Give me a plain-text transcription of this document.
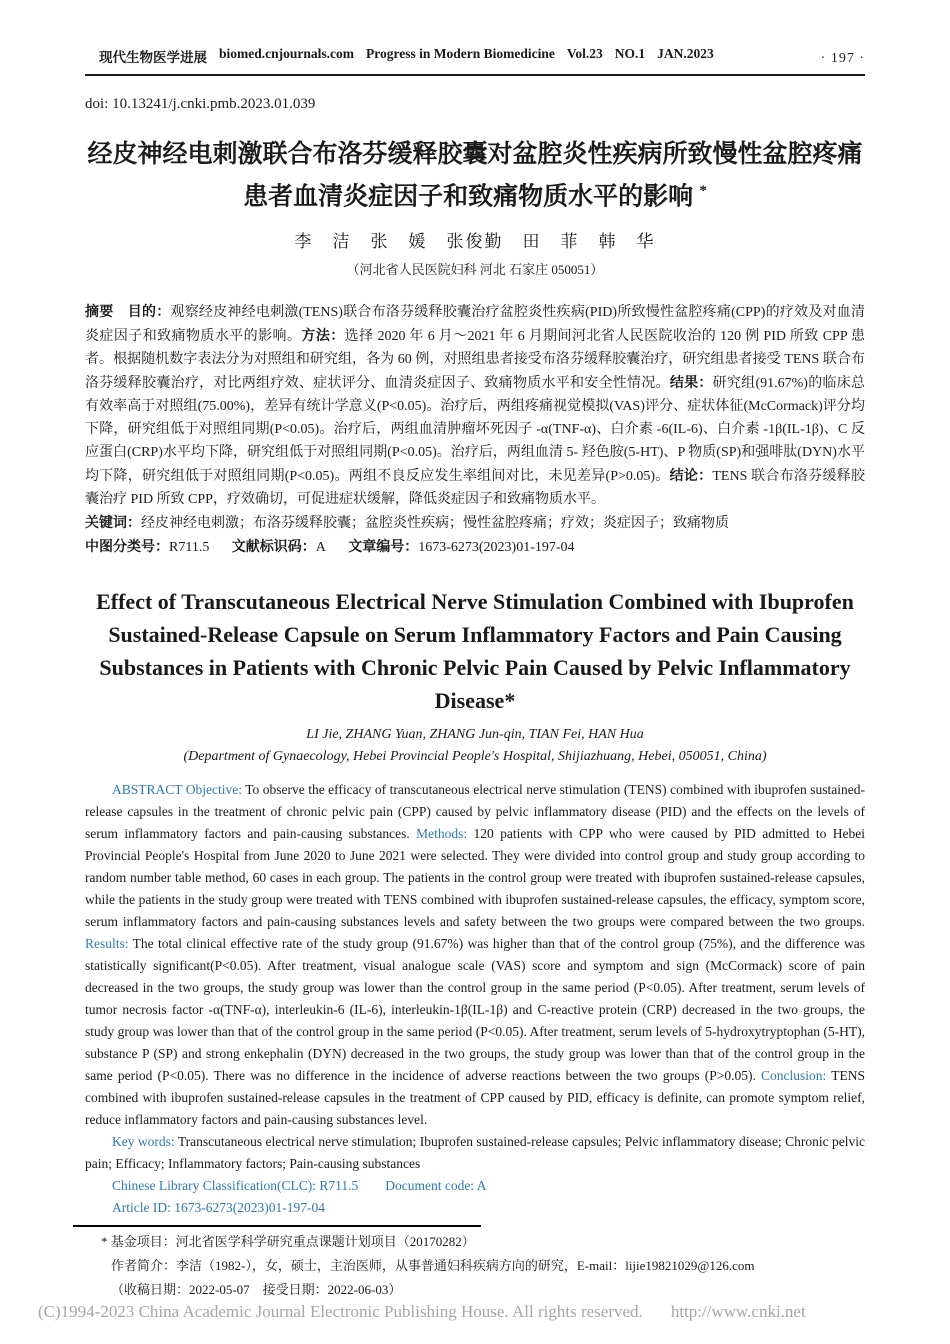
现代生物医学进展 biomed.cnjournals.com Progress in Modern Biomedicine Vol.23 NO.1 JAN.2023	· 197 ·
doi: 10.13241/j.cnki.pmb.2023.01.039
经皮神经电刺激联合布洛芬缓释胶囊对盆腔炎性疾病所致慢性盆腔疼痛
患者血清炎症因子和致痛物质水平的影响 *
李　洁　张　媛　张俊勤　田　菲　韩　华
（河北省人民医院妇科 河北 石家庄 050051）

摘要　 目的：观察经皮神经电刺激(TENS)联合布洛芬缓释胶囊治疗盆腔炎性疾病(PID)所致慢性盆腔疼痛(CPP)的疗效及对血清炎症因子和致痛物质水平的影响。方法：选择 2020 年 6 月～2021 年 6 月期间河北省人民医院收治的 120 例 PID 所致 CPP 患者。根据随机数字表法分为对照组和研究组，各为 60 例，对照组患者接受布洛芬缓释胶囊治疗，研究组患者接受 TENS 联合布洛芬缓释胶囊治疗，对比两组疗效、症状评分、血清炎症因子、致痛物质水平和安全性情况。结果：研究组(91.67%)的临床总有效率高于对照组(75.00%)，差异有统计学意义(P<0.05)。治疗后，两组疼痛视觉模拟(VAS)评分、症状体征(McCormack)评分均下降，研究组低于对照组同期(P<0.05)。治疗后，两组血清肿瘤坏死因子 -α(TNF-α)、白介素 -6(IL-6)、白介素 -1β(IL-1β)、C 反应蛋白(CRP)水平均下降，研究组低于对照组同期(P<0.05)。治疗后，两组血清 5- 羟色胺(5-HT)、P 物质(SP)和强啡肽(DYN)水平均下降，研究组低于对照组同期(P<0.05)。两组不良反应发生率组间对比，未见差异(P>0.05)。结论：TENS 联合布洛芬缓释胶囊治疗 PID 所致 CPP，疗效确切，可促进症状缓解，降低炎症因子和致痛物质水平。

关键词：经皮神经电刺激；布洛芬缓释胶囊；盆腔炎性疾病；慢性盆腔疼痛；疗效；炎症因子；致痛物质

中图分类号：R711.5 文献标识码：A 文章编号：1673-6273(2023)01-197-04

Effect of Transcutaneous Electrical Nerve Stimulation Combined with Ibuprofen Sustained-Release Capsule on Serum Inflammatory Factors and Pain Causing Substances in Patients with Chronic Pelvic Pain Caused by Pelvic Inflammatory Disease*
LI Jie, ZHANG Yuan, ZHANG Jun-qin, TIAN Fei, HAN Hua
(Department of Gynaecology, Hebei Provincial People's Hospital, Shijiazhuang, Hebei, 050051, China)

ABSTRACT Objective: To observe the efficacy of transcutaneous electrical nerve stimulation (TENS) combined with ibuprofen sustained-release capsules in the treatment of chronic pelvic pain (CPP) caused by pelvic inflammatory disease (PID) and the effects on the levels of serum inflammatory factors and pain-causing substances. Methods: 120 patients with CPP who were caused by PID admitted to Hebei Provincial People's Hospital from June 2020 to June 2021 were selected. They were divided into control group and study group according to random number table method, 60 cases in each group. The patients in the control group were treated with ibuprofen sustained-release capsules, while the patients in the study group were treated with TENS combined with ibuprofen sustained-release capsules, the efficacy, symptom score, serum inflammatory factors and pain-causing substances levels and safety between the two groups were compared between the two groups. Results: The total clinical effective rate of the study group (91.67%) was higher than that of the control group (75%), and the difference was statistically significant(P<0.05). After treatment, visual analogue scale (VAS) score and symptom and sign (McCormack) score of pain decreased in the two groups, the study group was lower than the control group in the same period (P<0.05). After treatment, serum levels of tumor necrosis factor -α(TNF-α), interleukin-6 (IL-6), interleukin-1β(IL-1β) and C-reactive protein (CRP) decreased in the two groups, the study group was lower than that of the control group in the same period (P<0.05). After treatment, serum levels of 5-hydroxytryptophan (5-HT), substance P (SP) and strong enkephalin (DYN) decreased in the two groups, the study group was lower than that of the control group in the same period (P<0.05). There was no difference in the incidence of adverse reactions between the two groups (P>0.05). Conclusion: TENS combined with ibuprofen sustained-release capsules in the treatment of CPP caused by PID, efficacy is definite, can promote symptom relief, reduce inflammatory factors and pain-causing substances level.

Key words: Transcutaneous electrical nerve stimulation; Ibuprofen sustained-release capsules; Pelvic inflammatory disease; Chronic pelvic pain; Efficacy; Inflammatory factors; Pain-causing substances

Chinese Library Classification(CLC): R711.5 Document code: A
Article ID: 1673-6273(2023)01-197-04
* 基金项目：河北省医学科学研究重点课题计划项目（20170282）
作者简介：李洁（1982-），女，硕士，主治医师，从事普通妇科疾病方向的研究，E-mail：lijie19821029@126.com
（收稿日期：2022-05-07　接受日期：2022-06-03）
(C)1994-2023 China Academic Journal Electronic Publishing House. All rights reserved. http://www.cnki.net
